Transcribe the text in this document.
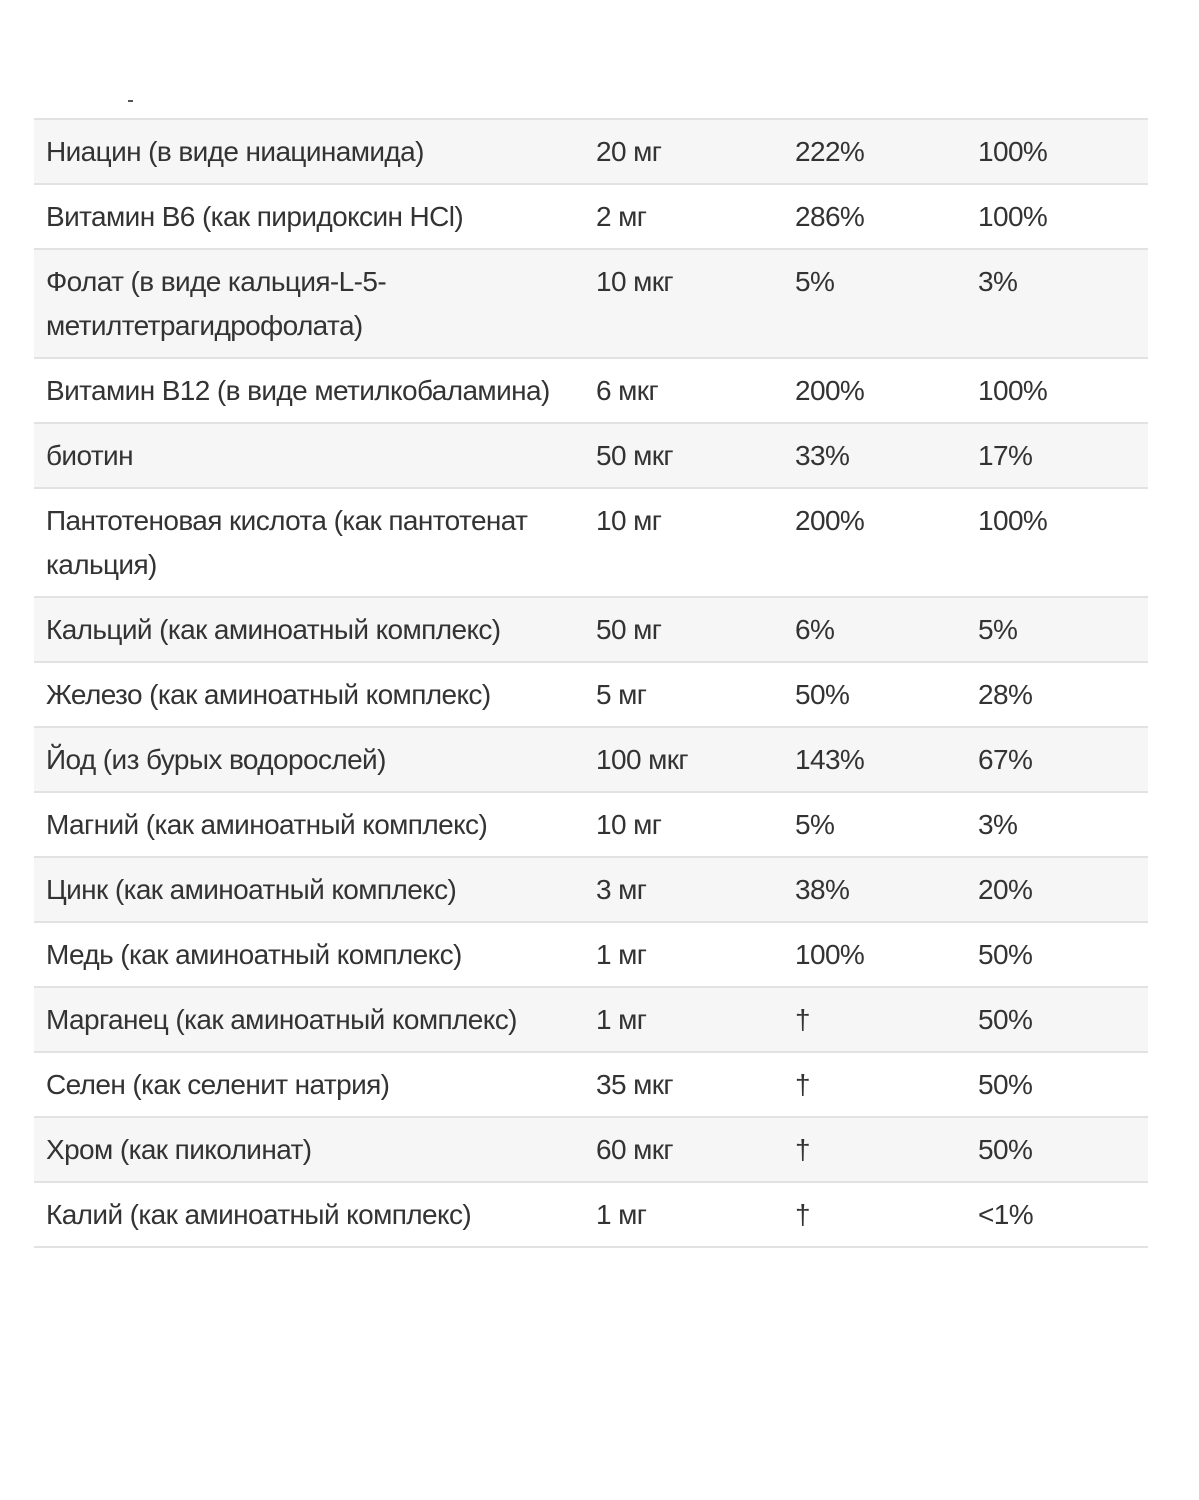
Ниацин (в виде ниацинамида)	20 мг	222%	100%
Витамин B6 (как пиридоксин HCl)	2 мг	286%	100%
Фолат (в виде кальция-L-5-метилтетрагидрофолата)	10 мкг	5%	3%
Витамин B12 (в виде метилкобаламина)	6 мкг	200%	100%
биотин	50 мкг	33%	17%
Пантотеновая кислота (как пантотенат кальция)	10 мг	200%	100%
Кальций (как аминоатный комплекс)	50 мг	6%	5%
Железо (как аминоатный комплекс)	5 мг	50%	28%
Йод (из бурых водорослей)	100 мкг	143%	67%
Магний (как аминоатный комплекс)	10 мг	5%	3%
Цинк (как аминоатный комплекс)	3 мг	38%	20%
Медь (как аминоатный комплекс)	1 мг	100%	50%
Марганец (как аминоатный комплекс)	1 мг	†	50%
Селен (как селенит натрия)	35 мкг	†	50%
Хром (как пиколинат)	60 мкг	†	50%
Калий (как аминоатный комплекс)	1 мг	†	<1%
